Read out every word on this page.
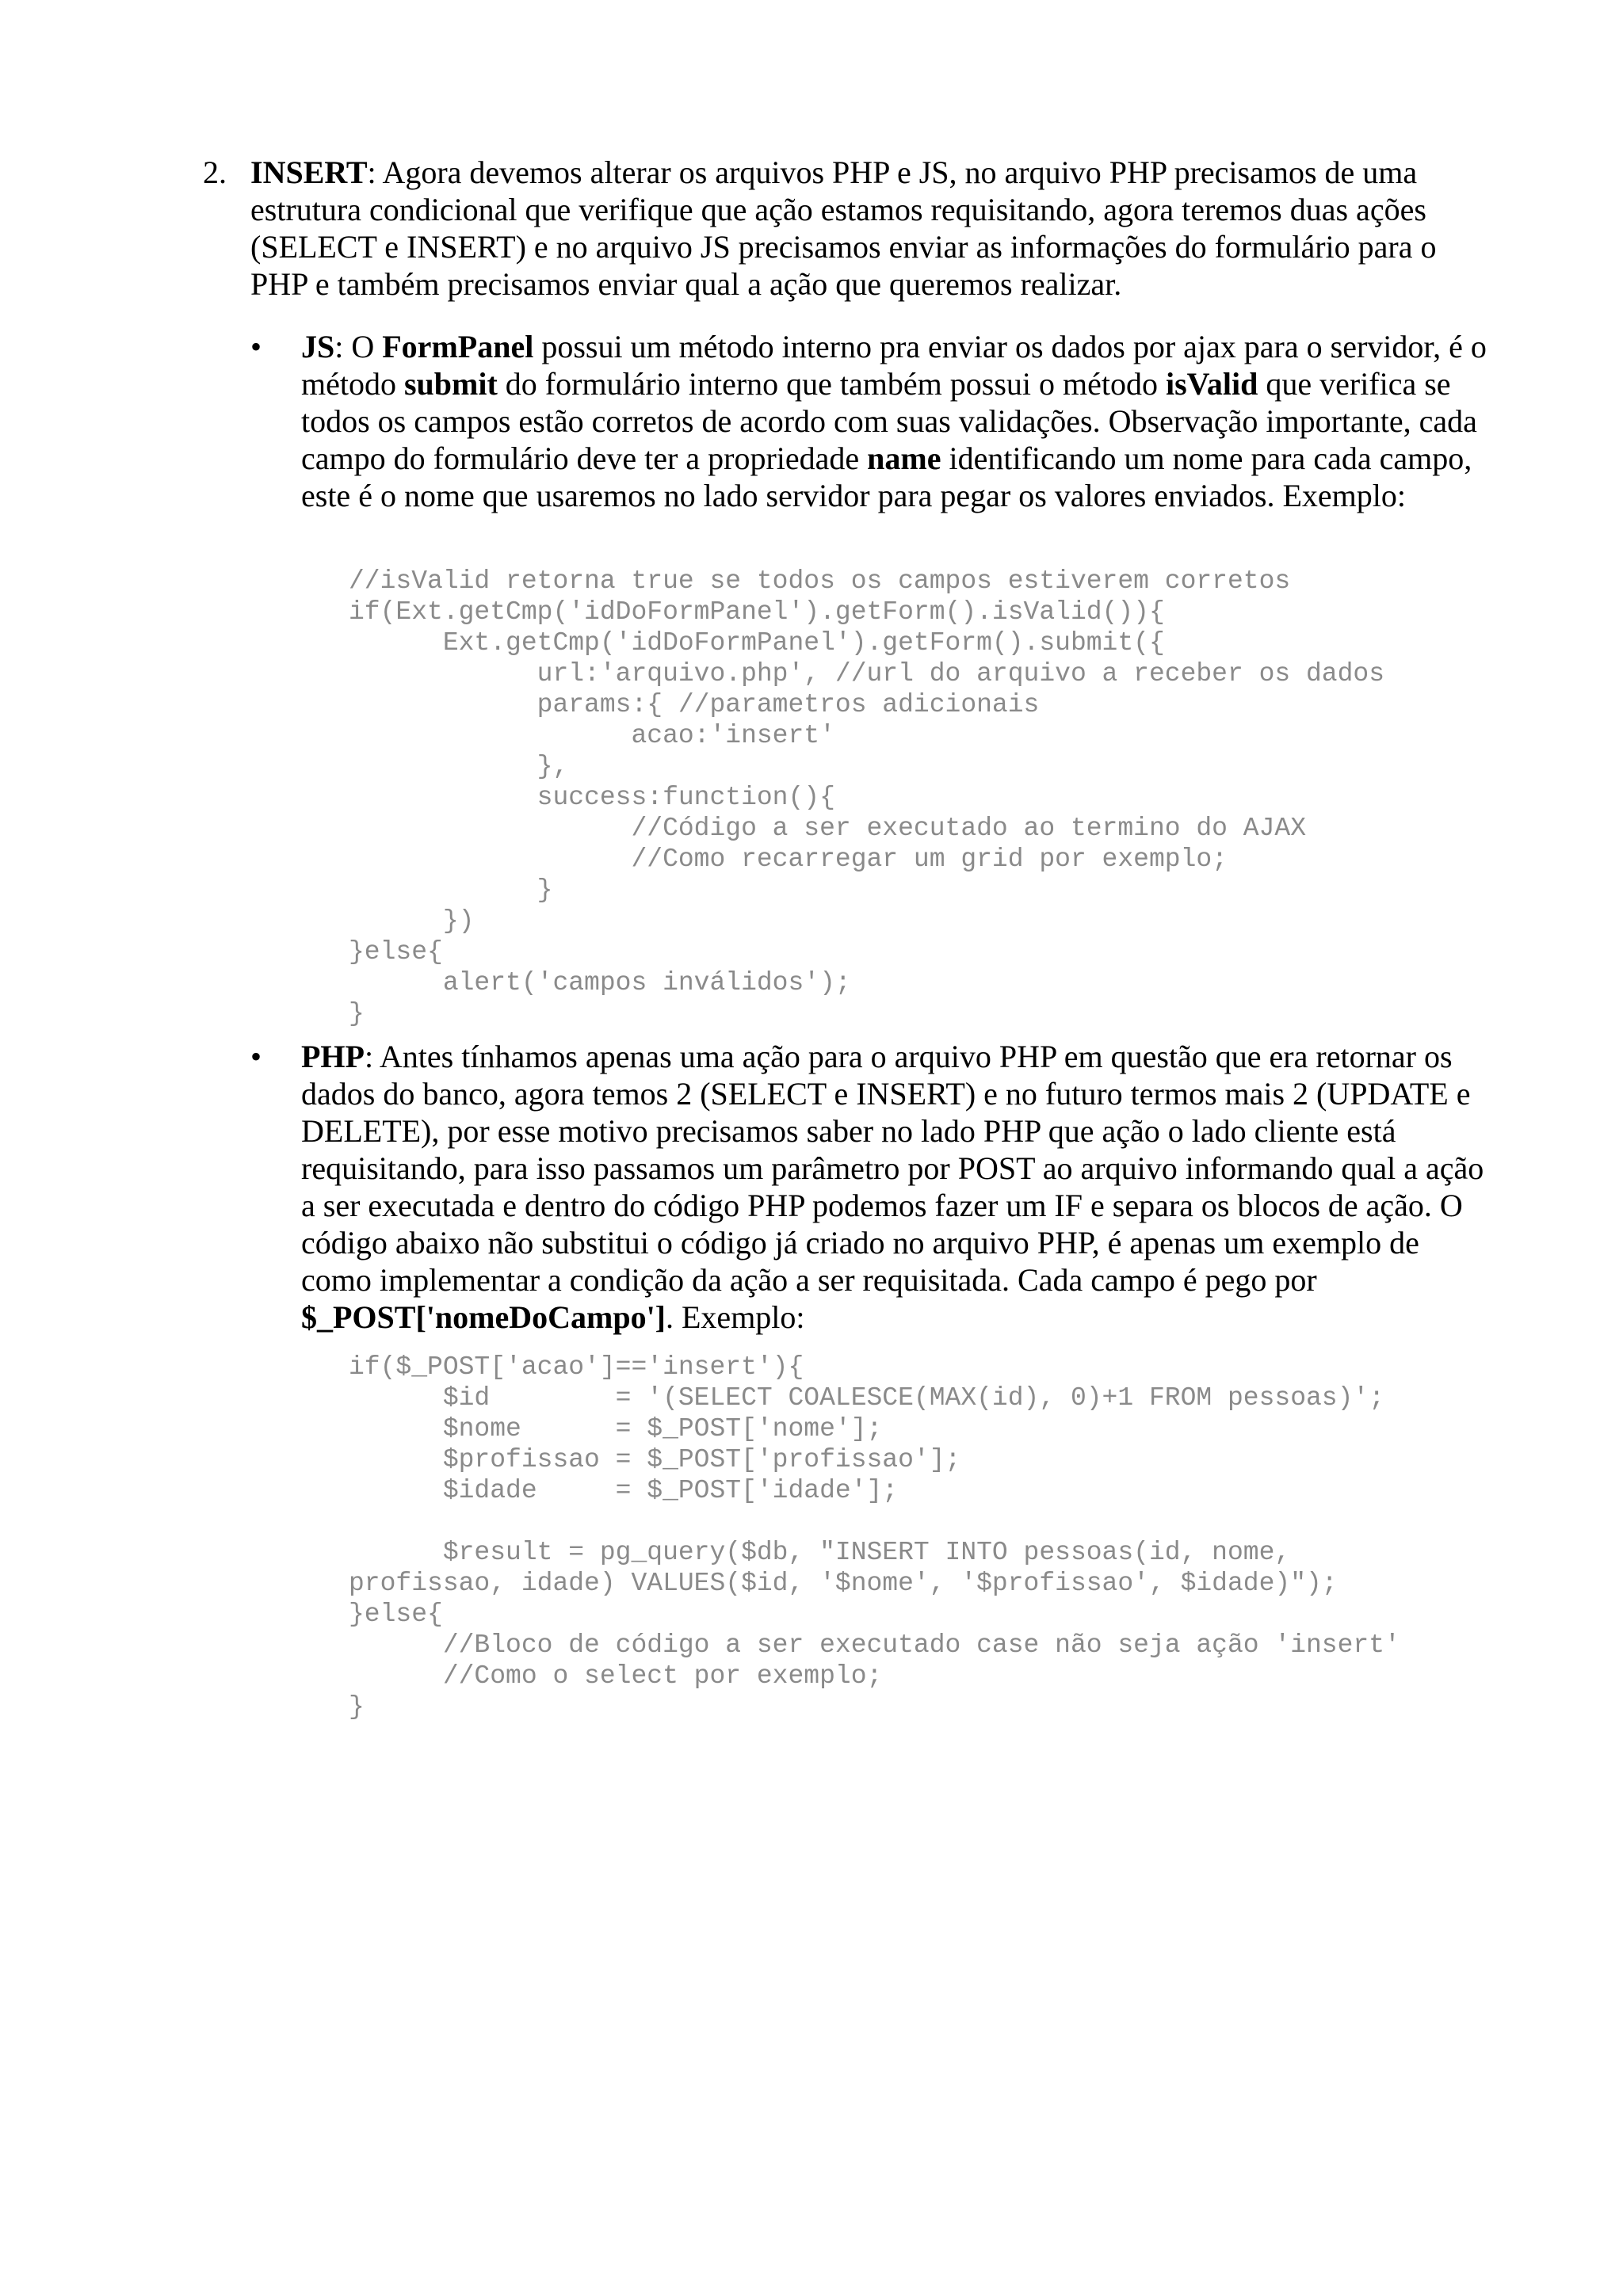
2. INSERT: Agora devemos alterar os arquivos PHP e JS, no arquivo PHP precisamos de uma estrutura condicional que verifique que ação estamos requisitando, agora teremos duas ações (SELECT e INSERT) e no arquivo JS precisamos enviar as informações do formulário para o PHP e também precisamos enviar qual a ação que queremos realizar.

• JS: O FormPanel possui um método interno pra enviar os dados por ajax para o servidor, é o método submit do formulário interno que também possui o método isValid que verifica se todos os campos estão corretos de acordo com suas validações. Observação importante, cada campo do formulário deve ter a propriedade name identificando um nome para cada campo, este é o nome que usaremos no lado servidor para pegar os valores enviados. Exemplo:

//isValid retorna true se todos os campos estiverem corretos
if(Ext.getCmp('idDoFormPanel').getForm().isValid()){
Ext.getCmp('idDoFormPanel').getForm().submit({
url:'arquivo.php', //url do arquivo a receber os dados
params:{ //parametros adicionais
acao:'insert'
},
success:function(){
//Código a ser executado ao termino do AJAX
//Como recarregar um grid por exemplo;
}
})
}else{
alert('campos inválidos');
}
• PHP: Antes tínhamos apenas uma ação para o arquivo PHP em questão que era retornar os dados do banco, agora temos 2 (SELECT e INSERT) e no futuro termos mais 2 (UPDATE e DELETE), por esse motivo precisamos saber no lado PHP que ação o lado cliente está requisitando, para isso passamos um parâmetro por POST ao arquivo informando qual a ação a ser executada e dentro do código PHP podemos fazer um IF e separa os blocos de ação. O código abaixo não substitui o código já criado no arquivo PHP, é apenas um exemplo de como implementar a condição da ação a ser requisitada. Cada campo é pego por $_POST['nomeDoCampo']. Exemplo:

if($_POST['acao']=='insert'){
$id        = '(SELECT COALESCE(MAX(id), 0)+1 FROM pessoas)';
$nome      = $_POST['nome'];
$profissao = $_POST['profissao'];
$idade     = $_POST['idade'];

$result = pg_query($db, "INSERT INTO pessoas(id, nome,
profissao, idade) VALUES($id, '$nome', '$profissao', $idade)");
}else{
//Bloco de código a ser executado case não seja ação 'insert'
//Como o select por exemplo;
}
